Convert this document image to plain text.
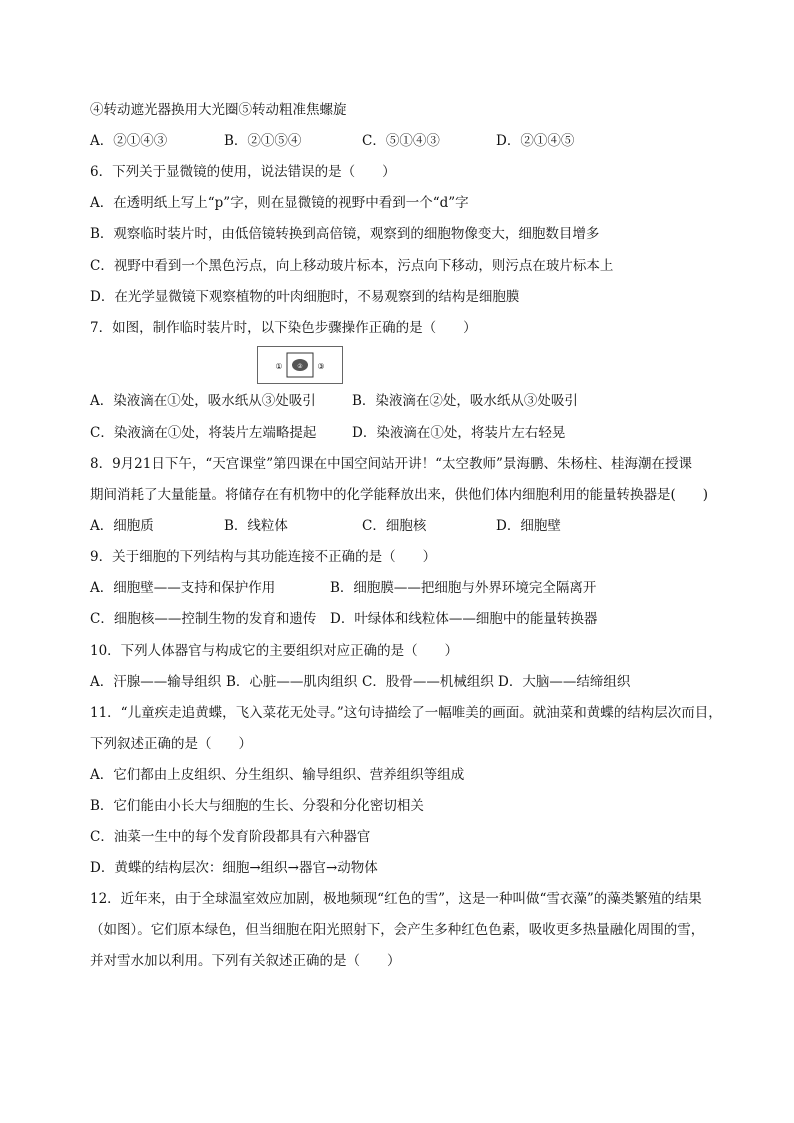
④转动遮光器换用大光圈⑤转动粗准焦螺旋
A．②①④③	B．②①⑤④	C．⑤①④③	D．②①④⑤
6．下列关于显微镜的使用，说法错误的是（　　）
A．在透明纸上写上“p”字，则在显微镜的视野中看到一个“d”字
B．观察临时装片时，由低倍镜转换到高倍镜，观察到的细胞物像变大，细胞数目增多
C．视野中看到一个黑色污点，向上移动玻片标本，污点向下移动，则污点在玻片标本上
D．在光学显微镜下观察植物的叶肉细胞时，不易观察到的结构是细胞膜
7．如图，制作临时装片时，以下染色步骤操作正确的是（　　）
① ② ③
A．染液滴在①处，吸水纸从③处吸引	B．染液滴在②处，吸水纸从③处吸引
C．染液滴在①处，将装片左端略提起	D．染液滴在①处，将装片左右轻晃
8．9月21日下午，“天宫课堂”第四课在中国空间站开讲！“太空教师”景海鹏、朱杨柱、桂海潮在授课
期间消耗了大量能量。将储存在有机物中的化学能释放出来，供他们体内细胞利用的能量转换器是(　　)
A．细胞质	B．线粒体	C．细胞核	D．细胞壁
9．关于细胞的下列结构与其功能连接不正确的是（　　）
A．细胞壁——支持和保护作用	B．细胞膜——把细胞与外界环境完全隔离开
C．细胞核——控制生物的发育和遗传	D．叶绿体和线粒体——细胞中的能量转换器
10．下列人体器官与构成它的主要组织对应正确的是（　　）
A．汗腺——输导组织 B．心脏——肌肉组织 C．股骨——机械组织 D．大脑——结缔组织
11．“儿童疾走追黄蝶，飞入菜花无处寻。”这句诗描绘了一幅唯美的画面。就油菜和黄蝶的结构层次而目，
下列叙述正确的是（　　）
A．它们都由上皮组织、分生组织、输导组织、营养组织等组成
B．它们能由小长大与细胞的生长、分裂和分化密切相关
C．油菜一生中的每个发育阶段都具有六种器官
D．黄蝶的结构层次：细胞→组织→器官→动物体
12．近年来，由于全球温室效应加剧，极地频现“红色的雪”，这是一种叫做“雪衣藻”的藻类繁殖的结果
（如图）。它们原本绿色，但当细胞在阳光照射下，会产生多种红色色素，吸收更多热量融化周围的雪，
并对雪水加以利用。下列有关叙述正确的是（　　）
